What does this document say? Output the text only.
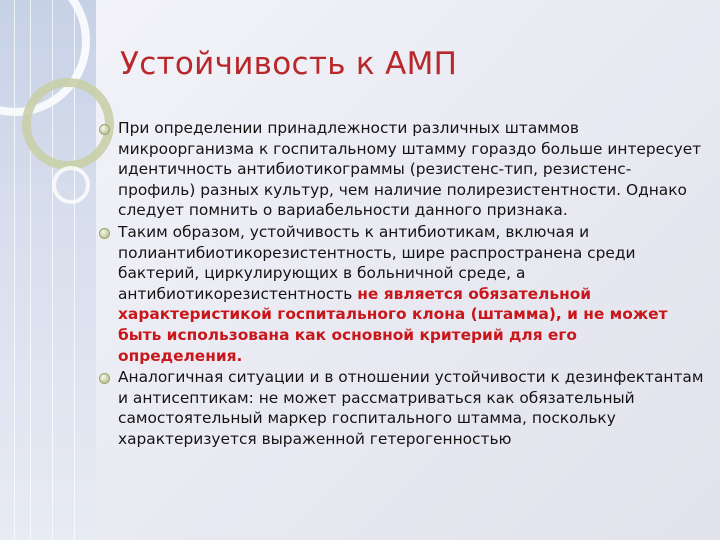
Устойчивость к АМП
При определении принадлежности различных штаммов микроорганизма к госпитальному штамму гораздо больше интересует идентичность антибиотикограммы (резистенс-тип, резистенс-профиль) разных культур, чем наличие полирезистентности. Однако следует помнить о вариабельности данного признака.
Таким образом, устойчивость к антибиотикам, включая и полиантибиотикорезистентность, шире распространена среди бактерий, циркулирующих в больничной среде, а антибиотикорезистентность не является обязательной характеристикой госпитального клона (штамма), и не может быть использована как основной критерий для его определения.
Аналогичная ситуации и в отношении устойчивости к дезинфектантам и антисептикам: не может рассматриваться как обязательный самостоятельный маркер госпитального штамма, поскольку характеризуется выраженной гетерогенностью
